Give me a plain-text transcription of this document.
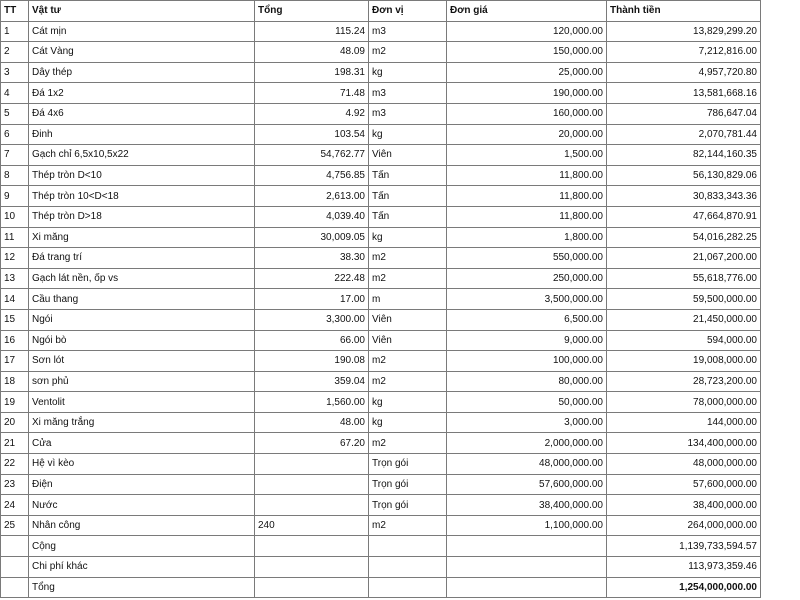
TT	Vật tư	Tổng	Đơn vị	Đơn giá	Thành tiền
1	Cát mịn	115.24	m3	120,000.00	13,829,299.20
2	Cát Vàng	48.09	m2	150,000.00	7,212,816.00
3	Dây thép	198.31	kg	25,000.00	4,957,720.80
4	Đá 1x2	71.48	m3	190,000.00	13,581,668.16
5	Đá 4x6	4.92	m3	160,000.00	786,647.04
6	Đinh	103.54	kg	20,000.00	2,070,781.44
7	Gạch chỉ 6,5x10,5x22	54,762.77	Viên	1,500.00	82,144,160.35
8	Thép tròn D<10	4,756.85	Tấn	11,800.00	56,130,829.06
9	Thép tròn 10<D<18	2,613.00	Tấn	11,800.00	30,833,343.36
10	Thép tròn D>18	4,039.40	Tấn	11,800.00	47,664,870.91
11	Xi măng	30,009.05	kg	1,800.00	54,016,282.25
12	Đá trang trí	38.30	m2	550,000.00	21,067,200.00
13	Gạch lát nền, ốp vs	222.48	m2	250,000.00	55,618,776.00
14	Cầu thang	17.00	m	3,500,000.00	59,500,000.00
15	Ngói	3,300.00	Viên	6,500.00	21,450,000.00
16	Ngói bò	66.00	Viên	9,000.00	594,000.00
17	Sơn lót	190.08	m2	100,000.00	19,008,000.00
18	sơn phủ	359.04	m2	80,000.00	28,723,200.00
19	Ventolit	1,560.00	kg	50,000.00	78,000,000.00
20	Xi măng trắng	48.00	kg	3,000.00	144,000.00
21	Cửa	67.20	m2	2,000,000.00	134,400,000.00
22	Hệ vì kèo		Trọn gói	48,000,000.00	48,000,000.00
23	Điện		Trọn gói	57,600,000.00	57,600,000.00
24	Nước		Trọn gói	38,400,000.00	38,400,000.00
25	Nhân công	240	m2	1,100,000.00	264,000,000.00
	Cộng				1,139,733,594.57
	Chi phí khác				113,973,359.46
	Tổng				1,254,000,000.00
